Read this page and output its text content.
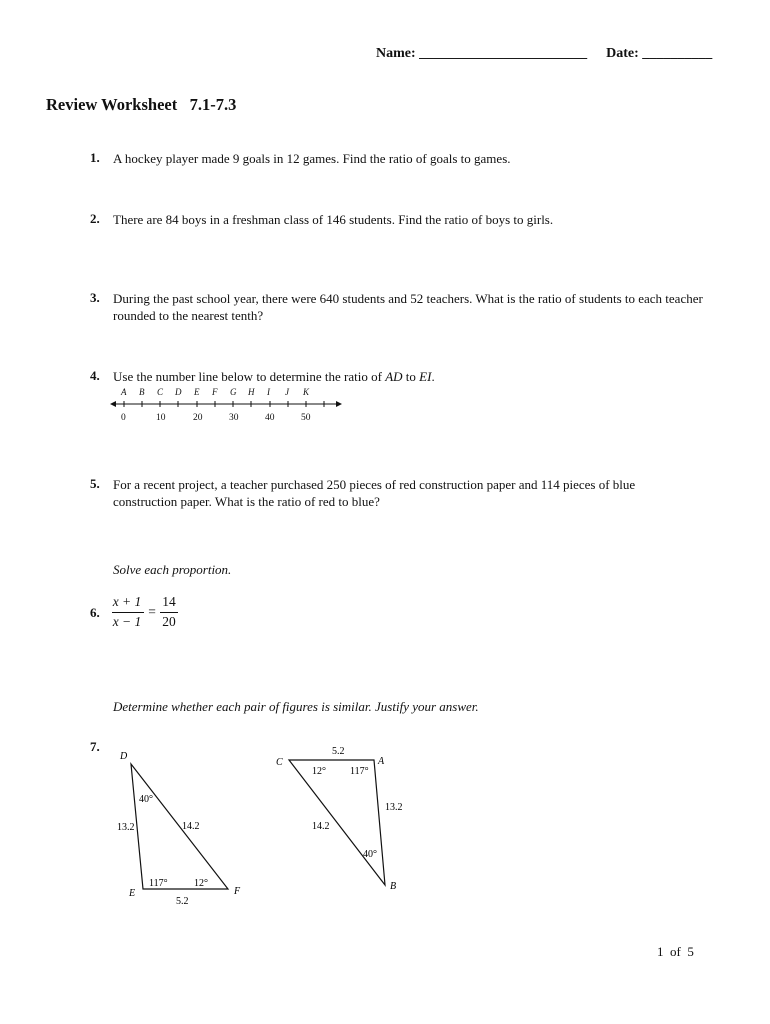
Name: ________________________ Date: __________
Review Worksheet   7.1-7.3
1. A hockey player made 9 goals in 12 games. Find the ratio of goals to games.
2. There are 84 boys in a freshman class of 146 students. Find the ratio of boys to girls.
3. During the past school year, there were 640 students and 52 teachers. What is the ratio of students to each teacher rounded to the nearest tenth?
4. Use the number line below to determine the ratio of AD to EI.
A B C D E F G H I J K
0	10	20	30	40	50
5. For a recent project, a teacher purchased 250 pieces of red construction paper and 114 pieces of blue construction paper. What is the ratio of red to blue?
Solve each proportion.
6.
x + 1
x − 1
=
14
20
Determine whether each pair of figures is similar. Justify your answer.
7.
D
E	F
40°
117°	12°
13.2	14.2
5.2
C	A
B
12° 117°
40°
5.2
13.2
14.2
1  of  5
